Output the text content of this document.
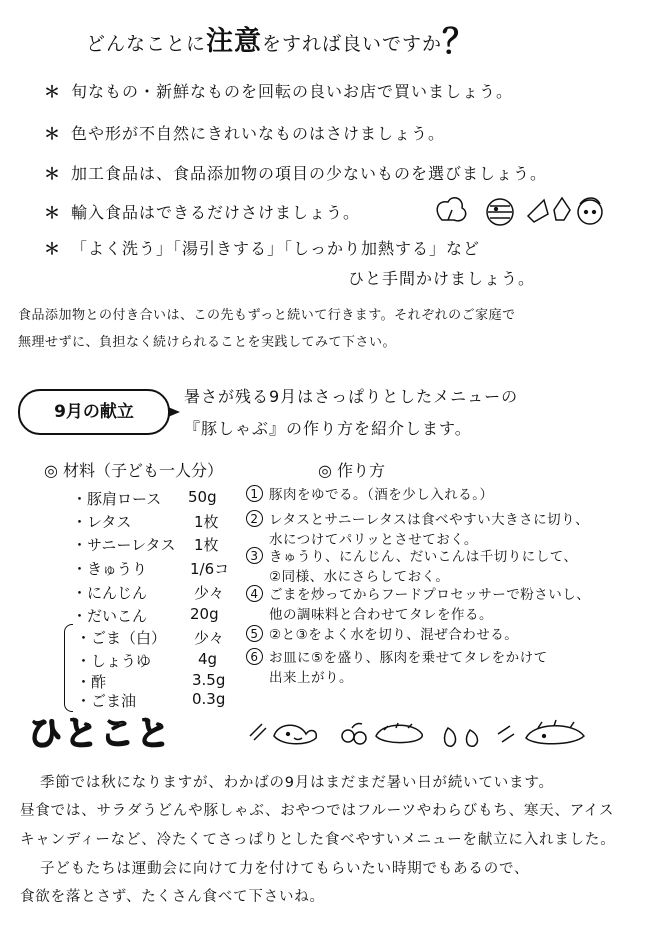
どんなことに注意をすれば良いですか？
＊ 旬なもの・新鮮なものを回転の良いお店で買いましょう。
＊ 色や形が不自然にきれいなものはさけましょう。
＊ 加工食品は、食品添加物の項目の少ないものを選びましょう。
＊ 輸入食品はできるだけさけましょう。
＊ 「よく洗う」「湯引きする」「しっかり加熱する」など
ひと手間かけましょう。
食品添加物との付き合いは、この先もずっと続いて行きます。それぞれのご家庭で
無理せずに、負担なく続けられることを実践してみて下さい。
9月の献立
暑さが残る9月はさっぱりとしたメニューの
『豚しゃぶ』の作り方を紹介します。
◎ 材料（子ども一人分）
・豚肩ロース 50g
・レタス	1枚
・サニーレタス 1枚
・きゅうり	1/6コ
・にんじん	少々
・だいこん	20g
・ごま（白） 少々
・しょうゆ	4g
・酢	3.5g
・ごま油	0.3g
◎ 作り方
1 豚肉をゆでる。（酒を少し入れる。）
2 レタスとサニーレタスは食べやすい大きさに切り、
水につけてパリッとさせておく。
3 きゅうり、にんじん、だいこんは千切りにして、
②同様、水にさらしておく。
4 ごまを炒ってからフードプロセッサーで粉さいし、
他の調味料と合わせてタレを作る。
5 ②と③をよく水を切り、混ぜ合わせる。
6 お皿に⑤を盛り、豚肉を乗せてタレをかけて
出来上がり。
ひとこと
季節では秋になりますが、わかばの9月はまだまだ暑い日が続いています。
昼食では、サラダうどんや豚しゃぶ、おやつではフルーツやわらびもち、寒天、アイス
キャンディーなど、冷たくてさっぱりとした食べやすいメニューを献立に入れました。
子どもたちは運動会に向けて力を付けてもらいたい時期でもあるので、
食欲を落とさず、たくさん食べて下さいね。
